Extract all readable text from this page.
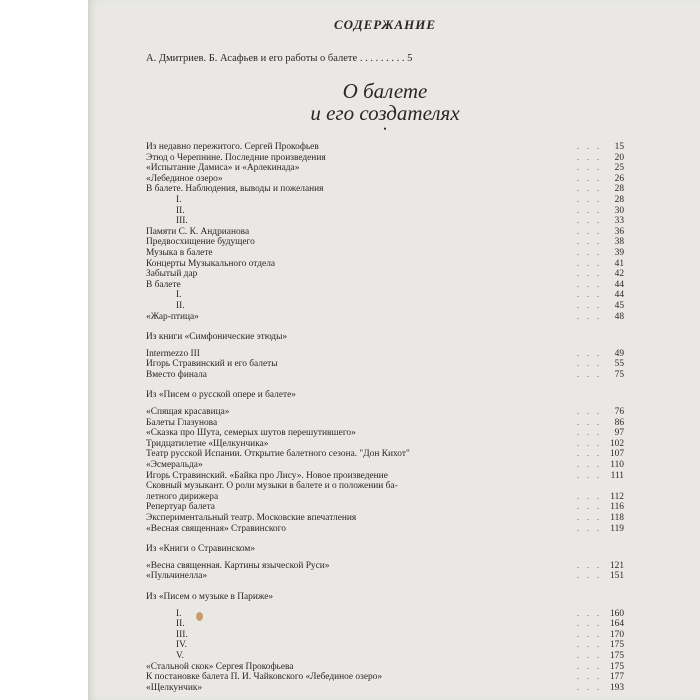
СОДЕРЖАНИЕ
А. Дмитриев. Б. Асафьев и его работы о балете . . . . . . . . . 5
О балете
и его создателях
•
Из недавно пережитого. Сергей Прокофьев	. . .	15
Этюд о Черепнине. Последние произведения	. . .	20
«Испытание Дамиса» и «Арлекинада»	. . .	25
«Лебединое озеро»	. . .	26
В балете. Наблюдения, выводы и пожелания	. . .	28
I.	. . .	28
II.	. . .	30
III.	. . .	33
Памяти С. К. Андрианова	. . .	36
Предвосхищение будущего	. . .	38
Музыка в балете	. . .	39
Концерты Музыкального отдела	. . .	41
Забытый дар	. . .	42
В балете	. . .	44
I.	. . .	44
II.	. . .	45
«Жар-птица»	. . .	48
Из книги «Симфонические этюды»
Intermezzo III	. . .	49
Игорь Стравинский и его балеты	. . .	55
Вместо финала	. . .	75
Из «Писем о русской опере и балете»
«Спящая красавица»	. . .	76
Балеты Глазунова	. . .	86
«Сказка про Шута, семерых шутов перешутившего»	. . .	97
Тридцатилетие «Щелкунчика»	. . . 102
Театр русской Испании. Открытие балетного сезона. "Дон Кихот"	. . . 107
«Эсмеральда»	. . . 110
Игорь Стравинский. «Байка про Лису». Новое произведение	. . . 111
Сковный музыкант. О роли музыки в балете и о положении ба-
летного дирижера	. . . 112
Репертуар балета	. . . 116
Экспериментальный театр. Московские впечатления	. . . 118
«Весная священная» Стравинского	. . . 119
Из «Книги о Стравинском»
«Весна священная. Картины языческой Руси»	. . . 121
«Пульчинелла»	. . . 151
Из «Писем о музыке в Париже»
I.	. . . 160
II.	. . . 164
III.	. . . 170
IV.	. . . 175
V.	. . . 175
«Стальной скок» Сергея Прокофьева	. . . 175
К постановке балета П. И. Чайковского «Лебединое озеро»	. . . 177
«Щелкунчик»	. . . 193
